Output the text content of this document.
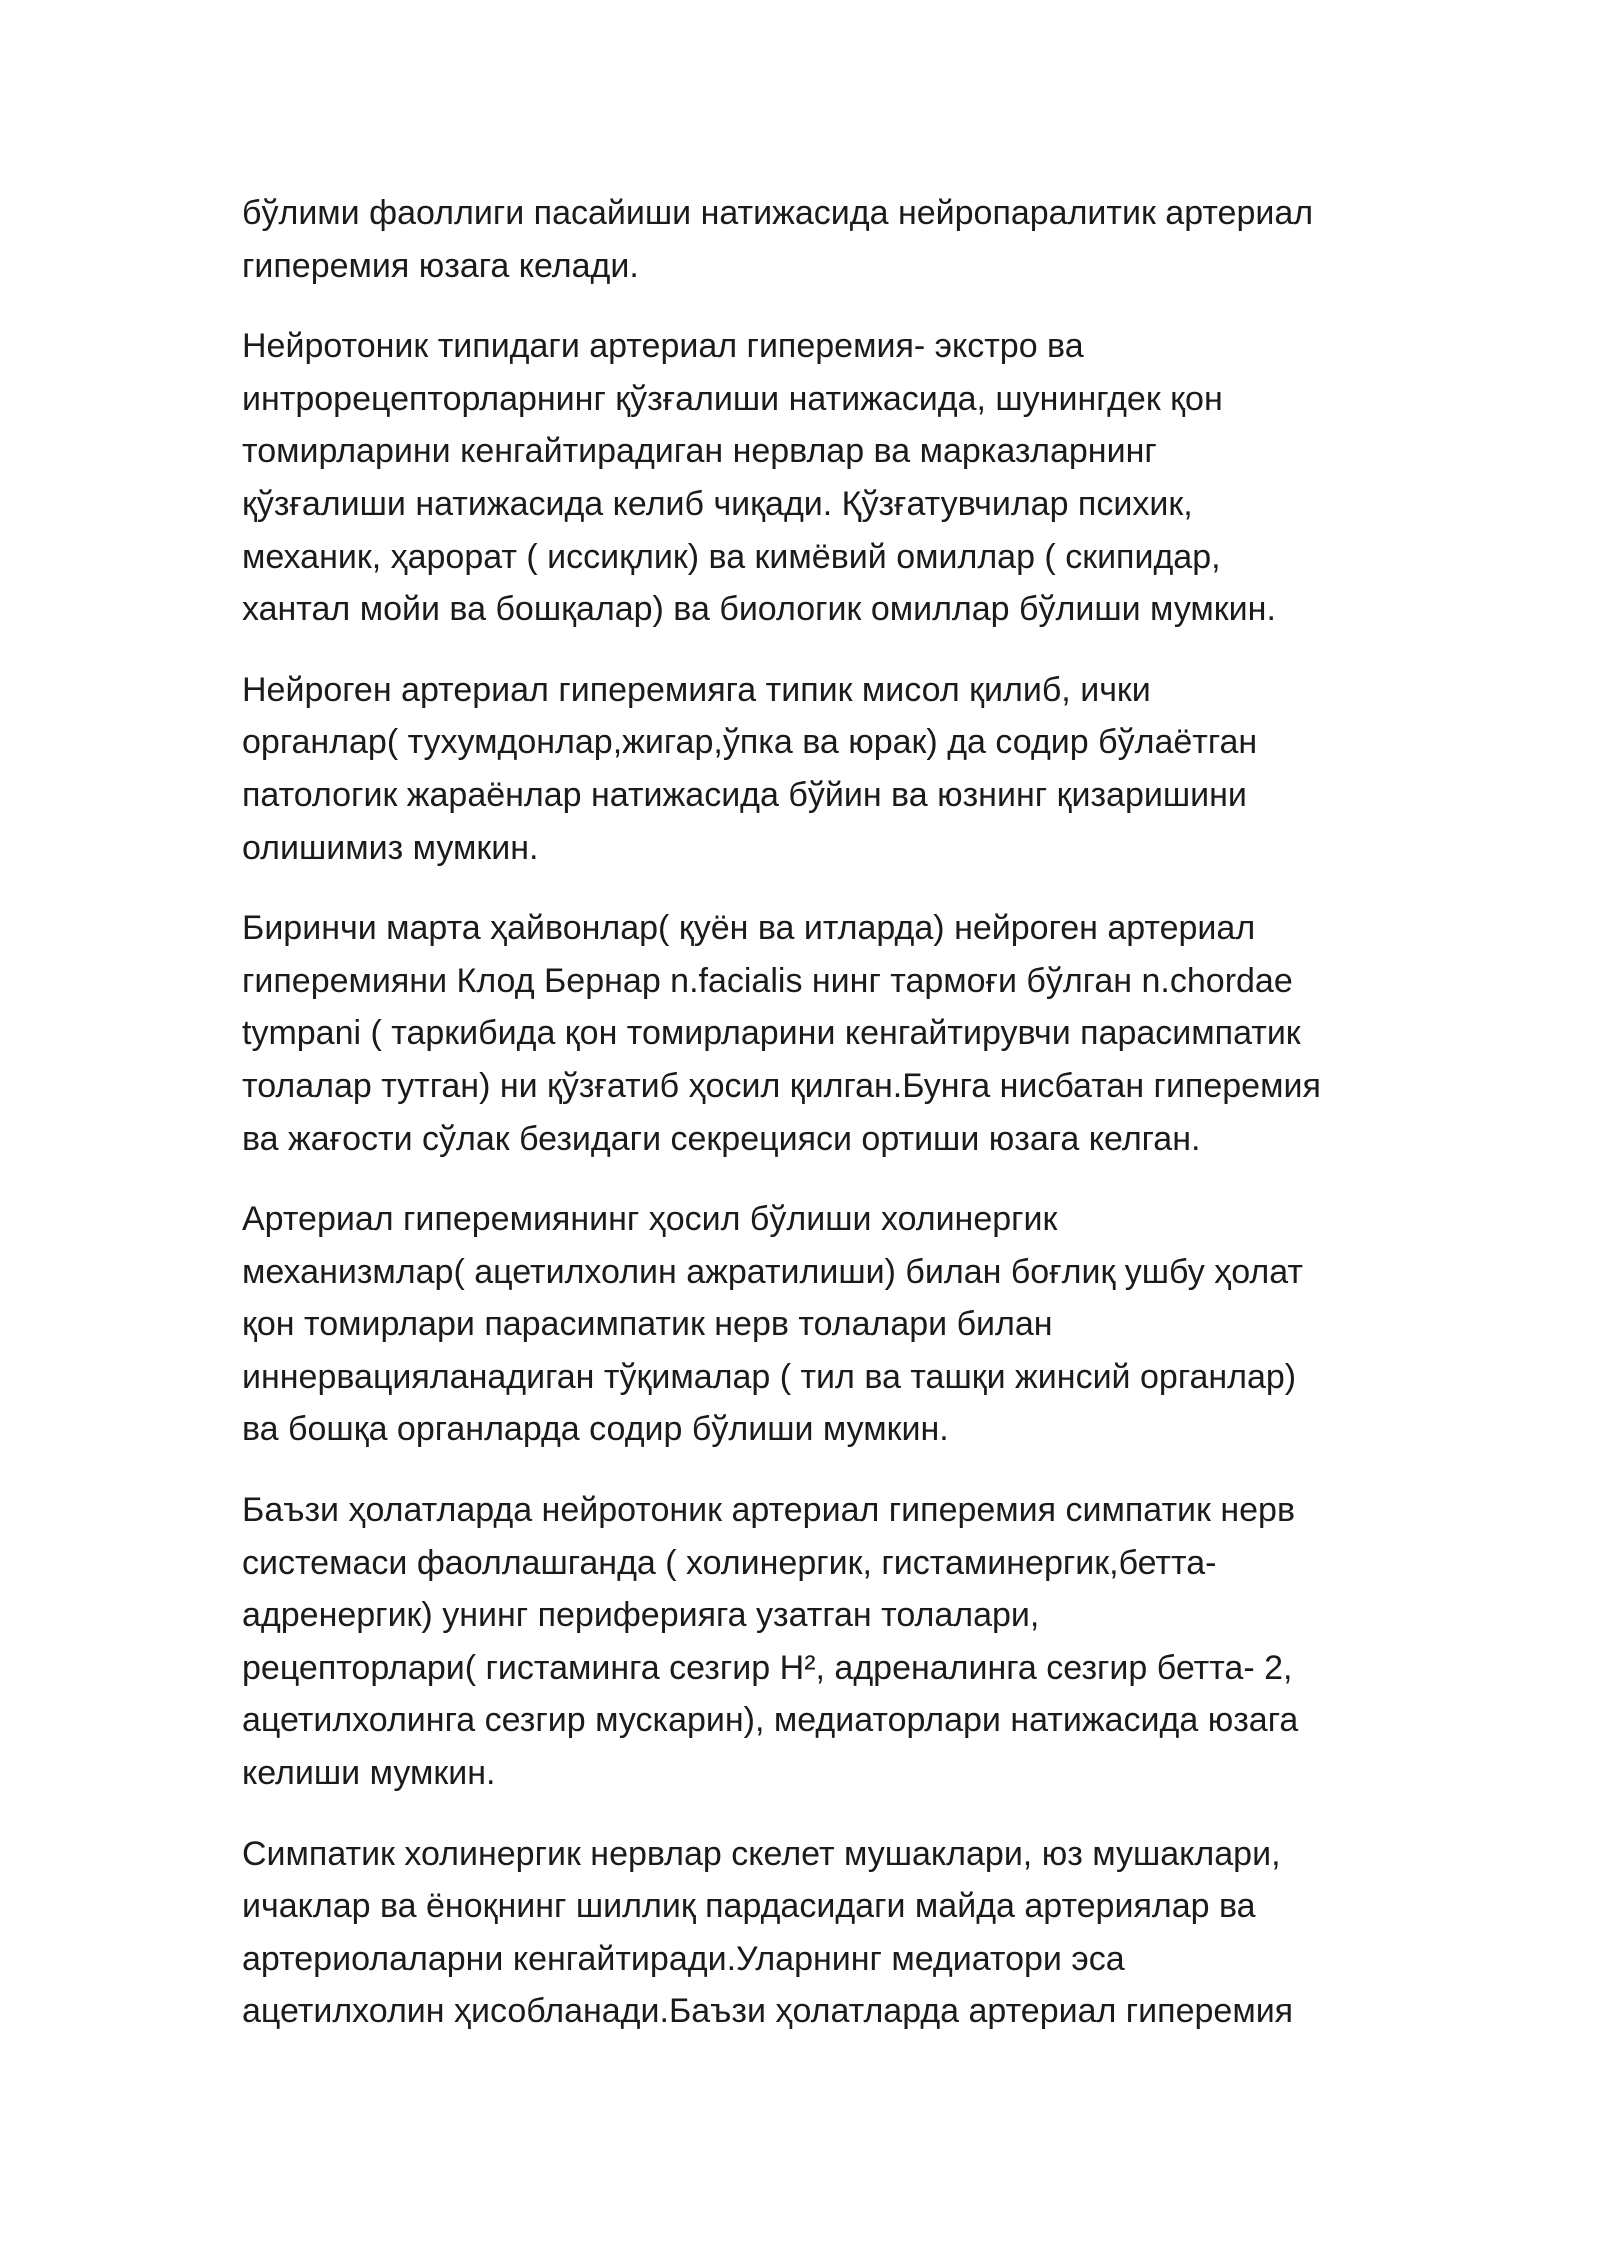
бўлими фаоллиги пасайиши натижасида нейропаралитик артериал
гиперемия юзага келади.
Нейротоник типидаги артериал гиперемия- экстро ва
интрорецепторларнинг қўзғалиши натижасида, шунингдек қон
томирларини кенгайтирадиган нервлар ва марказларнинг
қўзғалиши натижасида келиб чиқади. Қўзғатувчилар психик,
механик, ҳарорат ( иссиқлик) ва кимёвий омиллар ( скипидар,
хантал мойи ва бошқалар) ва биологик омиллар бўлиши мумкин.
Нейроген артериал гиперемияга типик мисол қилиб, ички
органлар( тухумдонлар,жигар,ўпка ва юрак) да содир бўлаётган
патологик жараёнлар натижасида бўйин ва юзнинг қизаришини
олишимиз мумкин.
Биринчи марта ҳайвонлар( қуён ва итларда) нейроген артериал
гиперемияни Клод Бернар n.facialis нинг тармоғи бўлган n.chordae
tympani ( таркибида қон томирларини кенгайтирувчи парасимпатик
толалар тутган) ни қўзғатиб ҳосил қилган.Бунга нисбатан гиперемия
ва жағости сўлак безидаги секрецияси ортиши юзага келган.
Артериал гиперемиянинг ҳосил бўлиши холинергик
механизмлар( ацетилхолин ажратилиши) билан боғлиқ ушбу ҳолат
қон томирлари парасимпатик нерв толалари билан
иннервацияланадиган тўқималар ( тил ва ташқи жинсий органлар)
ва бошқа органларда содир бўлиши мумкин.
Баъзи ҳолатларда нейротоник артериал гиперемия симпатик нерв
системаси фаоллашганда ( холинергик, гистаминергик,бетта-
адренергик) унинг периферияга узатган толалари,
рецепторлари( гистаминга сезгир H², адреналинга сезгир бетта- 2,
ацетилхолинга сезгир мускарин), медиаторлари натижасида юзага
келиши мумкин.
Симпатик холинергик нервлар скелет мушаклари, юз мушаклари,
ичаклар ва ёноқнинг шиллиқ пардасидаги майда артериялар ва
артериолаларни кенгайтиради.Уларнинг медиатори эса
ацетилхолин ҳисобланади.Баъзи ҳолатларда артериал гиперемия
